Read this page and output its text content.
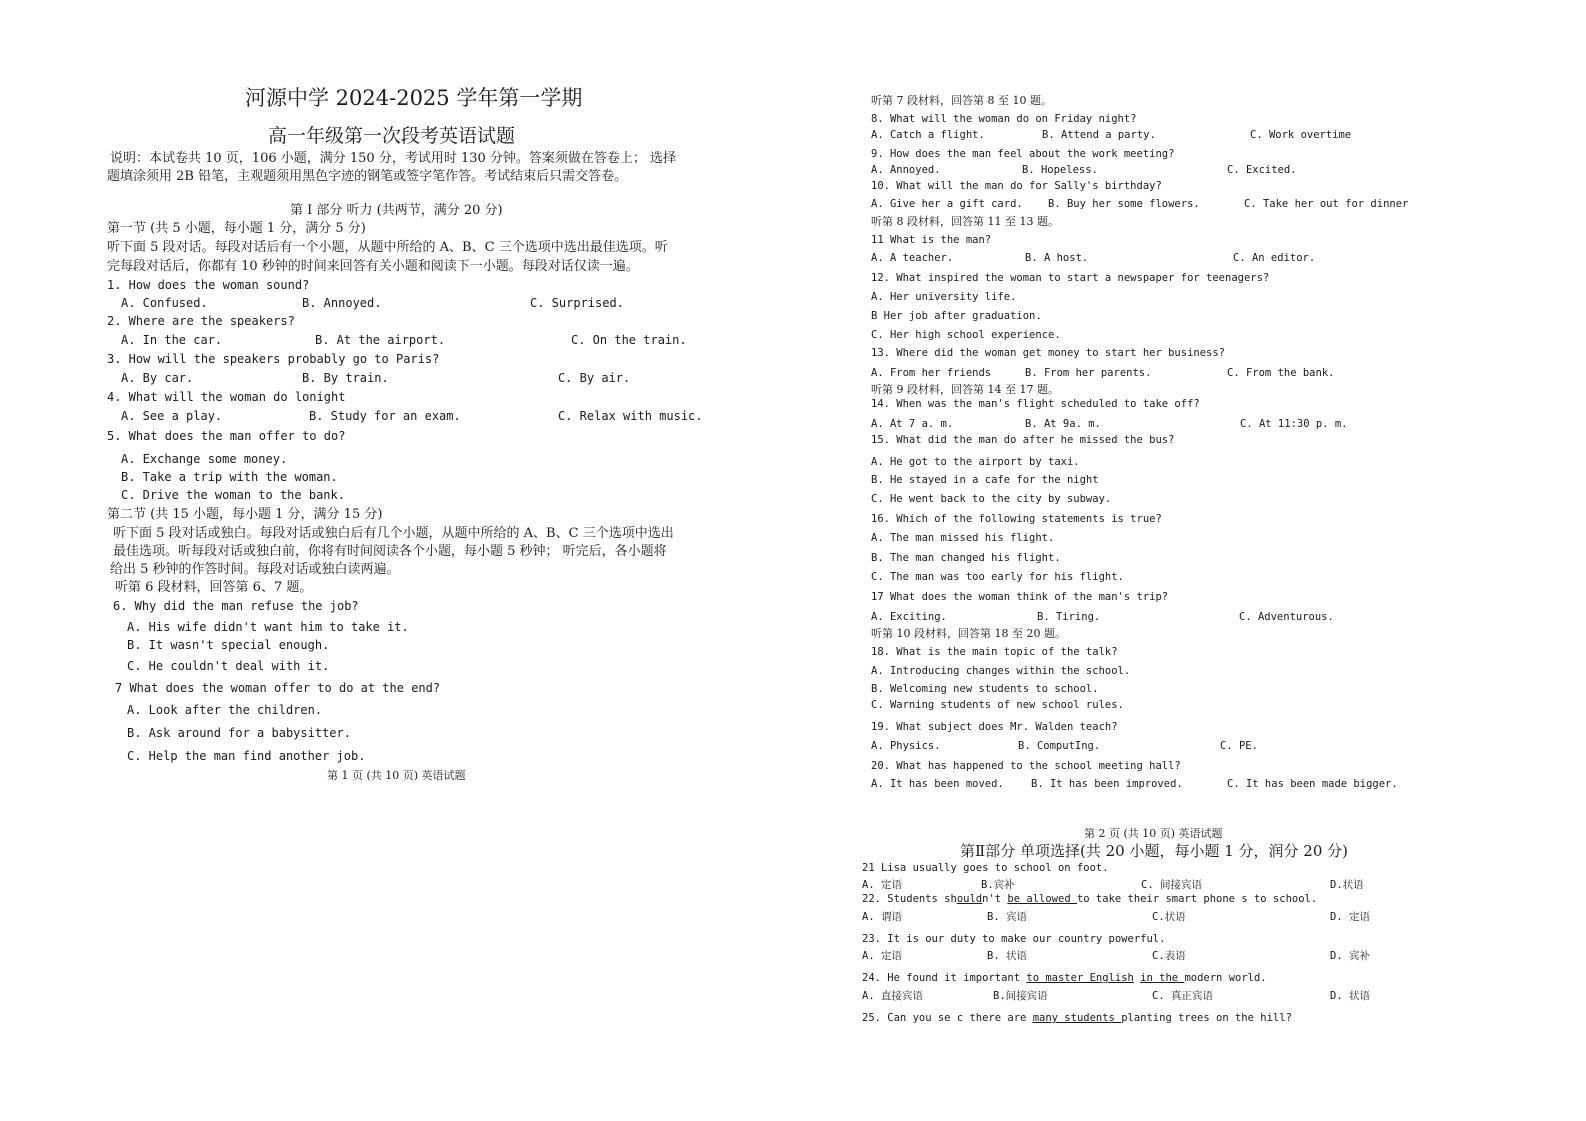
河源中学 2024-2025 学年第一学期
高一年级第一次段考英语试题
说明：本试卷共 10 页，106 小题，满分 150 分，考试用时 130 分钟。答案须做在答卷上； 选择
题填涂须用 2B 铅笔，主观题须用黑色字迹的钢笔或签字笔作答。考试结束后只需交答卷。
第 I 部分 听力 (共两节，满分 20 分)
第一节 (共 5 小题，每小题 1 分，满分 5 分)
听下面 5 段对话。每段对话后有一个小题，从题中所给的 A、B、C 三个选项中选出最佳选项。听
完每段对话后，你都有 10 秒钟的时间来回答有关小题和阅读下一小题。每段对话仅读一遍。
1. How does the woman sound?
A. Confused.	B. Annoyed.	C. Surprised.
2. Where are the speakers?
A. In the car.	B. At the airport.	C. On the train.
3. How will the speakers probably go to Paris?
A. By car.	B. By train.	C. By air.
4. What will the woman do lonight
A. See a play.	B. Study for an exam.	C. Relax with music.
5. What does the man offer to do?
A. Exchange some money.
B. Take a trip with the woman.
C. Drive the woman to the bank.
第二节 (共 15 小题，每小题 1 分，满分 15 分)
听下面 5 段对话或独白。每段对话或独白后有几个小题，从题中所给的 A、B、C 三个选项中选出
最佳选项。听每段对话或独白前，你将有时间阅读各个小题，每小题 5 秒钟； 听完后，各小题将
给出 5 秒钟的作答时间。每段对话或独白读两遍。
听第 6 段材料，回答第 6、7 题。
6. Why did the man refuse the job?
A. His wife didn't want him to take it.
B. It wasn't special enough.
C. He couldn't deal with it.
7 What does the woman offer to do at the end?
A. Look after the children.
B. Ask around for a babysitter.
C. Help the man find another job.
第 1 页 (共 10 页) 英语试题
听第 7 段材料，回答第 8 至 10 题。
8. What will the woman do on Friday night?
A. Catch a flight.	B. Attend a party.	C. Work overtime
9. How does the man feel about the work meeting?
A. Annoyed.	B. Hopeless.	C. Excited.
10. What will the man do for Sally's birthday?
A. Give her a gift card. B. Buy her some flowers.	C. Take her out for dinner
听第 8 段材料，回答第 11 至 13 题。
11 What is the man?
A. A teacher.	B. A host.	C. An editor.
12. What inspired the woman to start a newspaper for teenagers?
A. Her university life.
B Her job after graduation.
C. Her high school experience.
13. Where did the woman get money to start her business?
A. From her friends	B. From her parents.	C. From the bank.
听第 9 段材料，回答第 14 至 17 题。
14. When was the man's flight scheduled to take off?
A. At 7 a. m.	B. At 9a. m.	C. At 11:30 p. m.
15. What did the man do after he missed the bus?
A. He got to the airport by taxi.
B. He stayed in a cafe for the night
C. He went back to the city by subway.
16. Which of the following statements is true?
A. The man missed his flight.
B. The man changed his flight.
C. The man was too early for his flight.
17 What does the woman think of the man's trip?
A. Exciting.	B. Tiring.	C. Adventurous.
听第 10 段材料，回答第 18 至 20 题。
18. What is the main topic of the talk?
A. Introducing changes within the school.
B. Welcoming new students to school.
C. Warning students of new school rules.
19. What subject does Mr. Walden teach?
A. Physics.	B. ComputIng.	C. PE.
20. What has happened to the school meeting hall?
A. It has been moved.	B. It has been improved.	C. It has been made bigger.
第 2 页 (共 10 页) 英语试题
第Ⅱ部分 单项选择(共 20 小题，每小题 1 分，润分 20 分)
21 Lisa usually goes to school on foot.
A. 定语	B.宾补	C. 间接宾语	D.状语
22. Students shouldn't be allowed to take their smart phone s to school.
A. 谓语	B. 宾语	C.状语	D. 定语
23. It is our duty to make our country powerful.
A. 定语	B. 状语	C.表语	D. 宾补
24. He found it important to master English in the modern world.
A. 直接宾语	B.间接宾语	C. 真正宾语	D. 状语
25. Can you se c there are many students planting trees on the hill?
